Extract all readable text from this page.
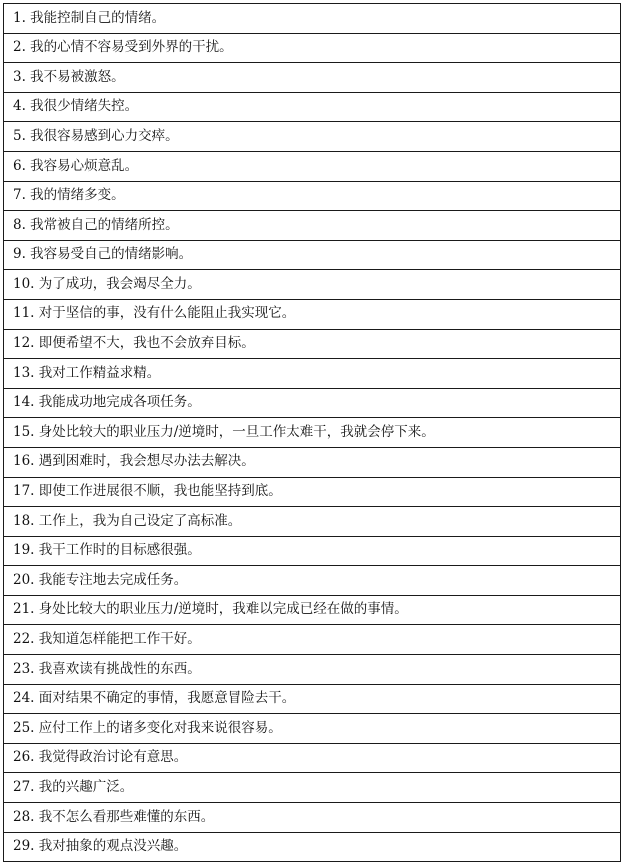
1. 我能控制自己的情绪。
2. 我的心情不容易受到外界的干扰。
3. 我不易被激怒。
4. 我很少情绪失控。
5. 我很容易感到心力交瘁。
6. 我容易心烦意乱。
7. 我的情绪多变。
8. 我常被自己的情绪所控。
9. 我容易受自己的情绪影响。
10. 为了成功，我会竭尽全力。
11. 对于坚信的事，没有什么能阻止我实现它。
12. 即便希望不大，我也不会放弃目标。
13. 我对工作精益求精。
14. 我能成功地完成各项任务。
15. 身处比较大的职业压力/逆境时，一旦工作太难干，我就会停下来。
16. 遇到困难时，我会想尽办法去解决。
17. 即使工作进展很不顺，我也能坚持到底。
18. 工作上，我为自己设定了高标准。
19. 我干工作时的目标感很强。
20. 我能专注地去完成任务。
21. 身处比较大的职业压力/逆境时，我难以完成已经在做的事情。
22. 我知道怎样能把工作干好。
23. 我喜欢读有挑战性的东西。
24. 面对结果不确定的事情，我愿意冒险去干。
25. 应付工作上的诸多变化对我来说很容易。
26. 我觉得政治讨论有意思。
27. 我的兴趣广泛。
28. 我不怎么看那些难懂的东西。
29. 我对抽象的观点没兴趣。
